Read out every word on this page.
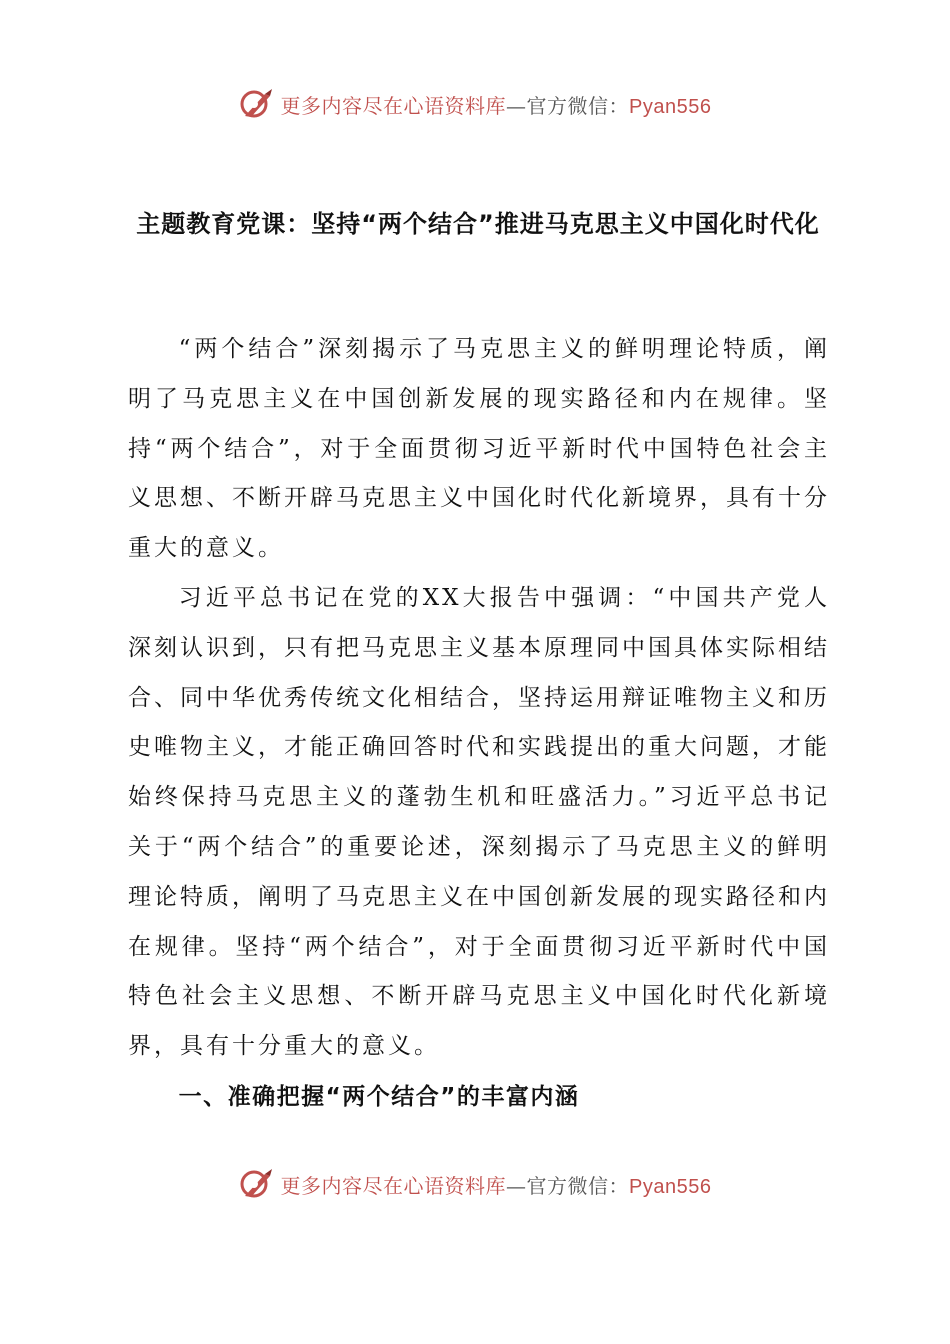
更多内容尽在心语资料库—官方微信：Pyan556
主题教育党课：坚持“两个结合”推进马克思主义中国化时代化

“两个结合”深刻揭示了马克思主义的鲜明理论特质，阐明了马克思主义在中国创新发展的现实路径和内在规律。坚持“两个结合”，对于全面贯彻习近平新时代中国特色社会主义思想、不断开辟马克思主义中国化时代化新境界，具有十分重大的意义。

习近平总书记在党的XX大报告中强调：“中国共产党人深刻认识到，只有把马克思主义基本原理同中国具体实际相结合、同中华优秀传统文化相结合，坚持运用辩证唯物主义和历史唯物主义，才能正确回答时代和实践提出的重大问题，才能始终保持马克思主义的蓬勃生机和旺盛活力。”习近平总书记关于“两个结合”的重要论述，深刻揭示了马克思主义的鲜明理论特质，阐明了马克思主义在中国创新发展的现实路径和内在规律。坚持“两个结合”，对于全面贯彻习近平新时代中国特色社会主义思想、不断开辟马克思主义中国化时代化新境界，具有十分重大的意义。

一、准确把握“两个结合”的丰富内涵

更多内容尽在心语资料库—官方微信：Pyan556
